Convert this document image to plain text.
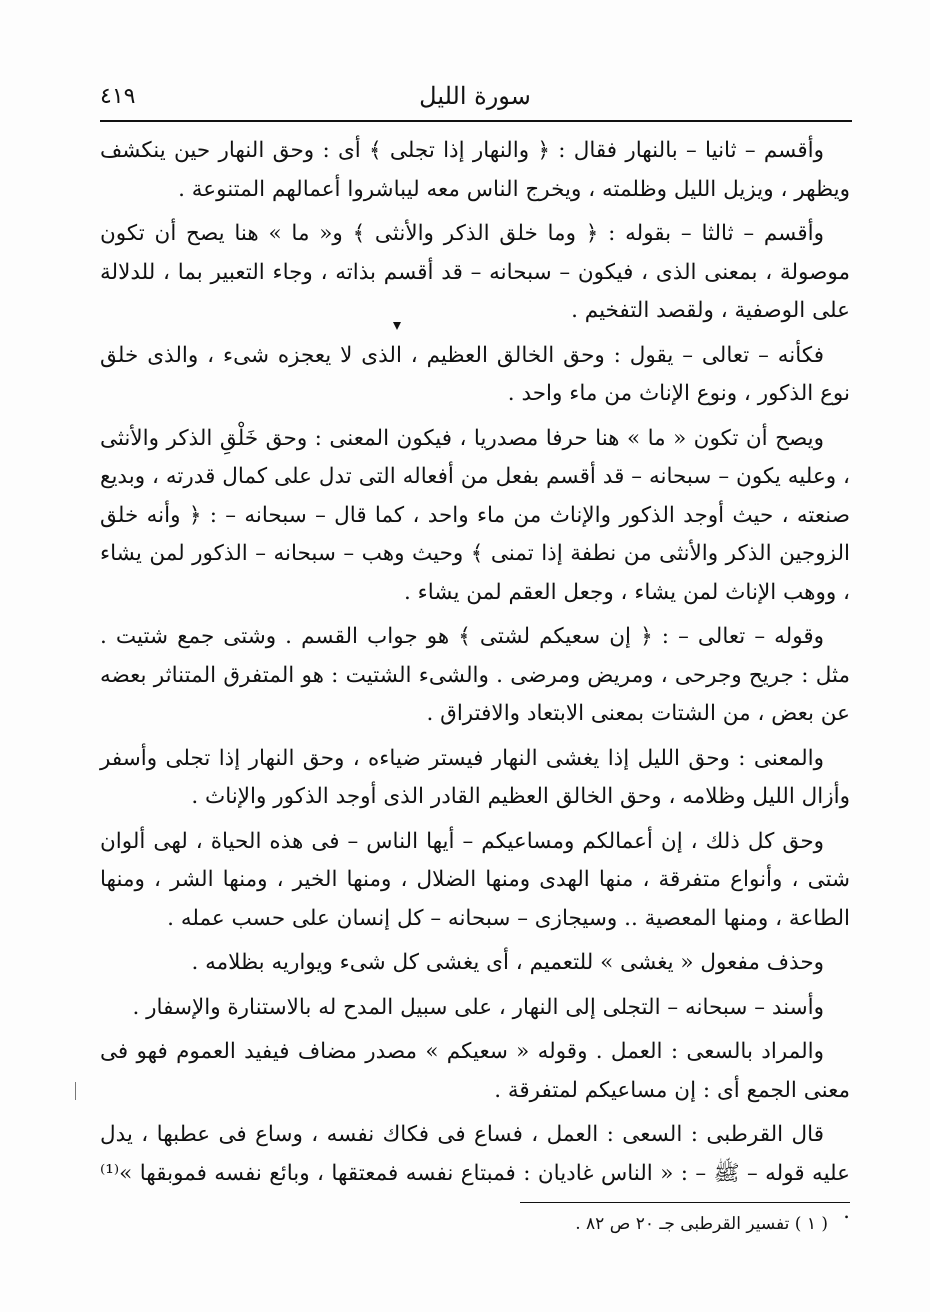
سورة الليل
٤١٩

وأقسم – ثانيا – بالنهار فقال : ﴿ والنهار إذا تجلى ﴾ أى : وحق النهار حين ينكشف ويظهر ، ويزيل الليل وظلمته ، ويخرج الناس معه ليباشروا أعمالهم المتنوعة .

وأقسم – ثالثا – بقوله : ﴿ وما خلق الذكر والأنثى ﴾ و« ما » هنا يصح أن تكون موصولة ، بمعنى الذى ، فيكون – سبحانه – قد أقسم بذاته ، وجاء التعبير بما ، للدلالة على الوصفية ، ولقصد التفخيم .

فكأنه – تعالى – يقول : وحق الخالق العظيم ، الذى لا يعجزه شىء ، والذى خلق نوع الذكور ، ونوع الإناث من ماء واحد .

ويصح أن تكون « ما » هنا حرفا مصدريا ، فيكون المعنى : وحق خَلْقِ الذكر والأنثى ، وعليه يكون – سبحانه – قد أقسم بفعل من أفعاله التى تدل على كمال قدرته ، وبديع صنعته ، حيث أوجد الذكور والإناث من ماء واحد ، كما قال – سبحانه – : ﴿ وأنه خلق الزوجين الذكر والأنثى من نطفة إذا تمنى ﴾ وحيث وهب – سبحانه – الذكور لمن يشاء ، ووهب الإناث لمن يشاء ، وجعل العقم لمن يشاء .

وقوله – تعالى – : ﴿ إن سعيكم لشتى ﴾ هو جواب القسم . وشتى جمع شتيت . مثل : جريح وجرحى ، ومريض ومرضى . والشىء الشتيت : هو المتفرق المتناثر بعضه عن بعض ، من الشتات بمعنى الابتعاد والافتراق .

والمعنى : وحق الليل إذا يغشى النهار فيستر ضياءه ، وحق النهار إذا تجلى وأسفر وأزال الليل وظلامه ، وحق الخالق العظيم القادر الذى أوجد الذكور والإناث .

وحق كل ذلك ، إن أعمالكم ومساعيكم – أيها الناس – فى هذه الحياة ، لهى ألوان شتى ، وأنواع متفرقة ، منها الهدى ومنها الضلال ، ومنها الخير ، ومنها الشر ، ومنها الطاعة ، ومنها المعصية .. وسيجازى – سبحانه – كل إنسان على حسب عمله .

وحذف مفعول « يغشى » للتعميم ، أى يغشى كل شىء ويواريه بظلامه .

وأسند – سبحانه – التجلى إلى النهار ، على سبيل المدح له بالاستنارة والإسفار .

والمراد بالسعى : العمل . وقوله « سعيكم » مصدر مضاف فيفيد العموم فهو فى معنى الجمع أى : إن مساعيكم لمتفرقة .

قال القرطبى : السعى : العمل ، فساع فى فكاك نفسه ، وساع فى عطبها ، يدل عليه قوله – ﷺ – : « الناس غاديان : فمبتاع نفسه فمعتقها ، وبائع نفسه فموبقها »⁽¹⁾ .

( ١ ) تفسير القرطبى جـ ٢٠ ص ٨٢ .
